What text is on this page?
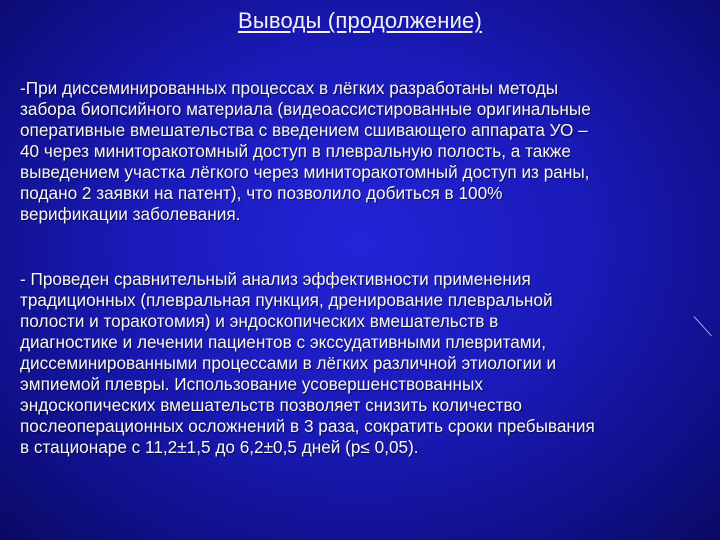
Выводы (продолжение)
-При диссеминированных процессах в лёгких разработаны методы
забора биопсийного материала (видеоассистированные оригинальные
оперативные вмешательства с введением сшивающего аппарата УО –
40 через миниторакотомный доступ в плевральную полость, а также
выведением участка лёгкого через миниторакотомный доступ из раны,
подано 2 заявки на патент), что позволило добиться в 100%
верификации заболевания.
- Проведен сравнительный анализ эффективности применения
традиционных (плевральная пункция, дренирование плевральной
полости и торакотомия) и эндоскопических вмешательств в
диагностике и лечении пациентов с экссудативными плевритами,
диссеминированными процессами в лёгких различной этиологии и
эмпиемой плевры. Использование усовершенствованных
эндоскопических вмешательств позволяет снизить количество
послеоперационных осложнений в 3 раза, сократить сроки пребывания
в стационаре с 11,2±1,5 до 6,2±0,5 дней (р≤ 0,05).
